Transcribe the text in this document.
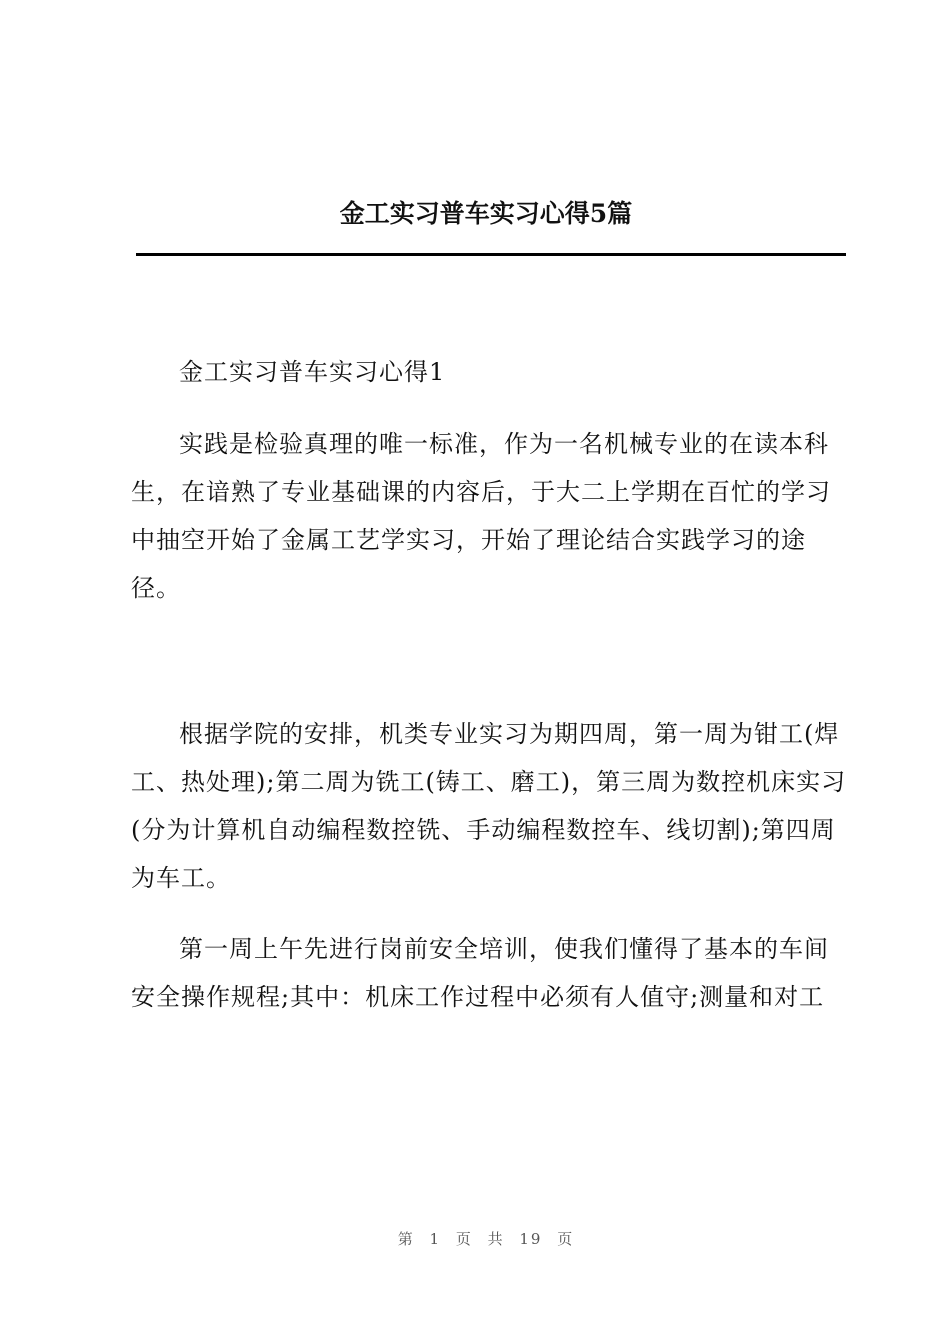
金工实习普车实习心得5篇
金工实习普车实习心得1

实践是检验真理的唯一标准，作为一名机械专业的在读本科生，在谙熟了专业基础课的内容后，于大二上学期在百忙的学习中抽空开始了金属工艺学实习，开始了理论结合实践学习的途径。

根据学院的安排，机类专业实习为期四周，第一周为钳工(焊工、热处理);第二周为铣工(铸工、磨工)，第三周为数控机床实习(分为计算机自动编程数控铣、手动编程数控车、线切割);第四周为车工。

第一周上午先进行岗前安全培训，使我们懂得了基本的车间安全操作规程;其中：机床工作过程中必须有人值守;测量和对工

第 1 页 共 19 页
